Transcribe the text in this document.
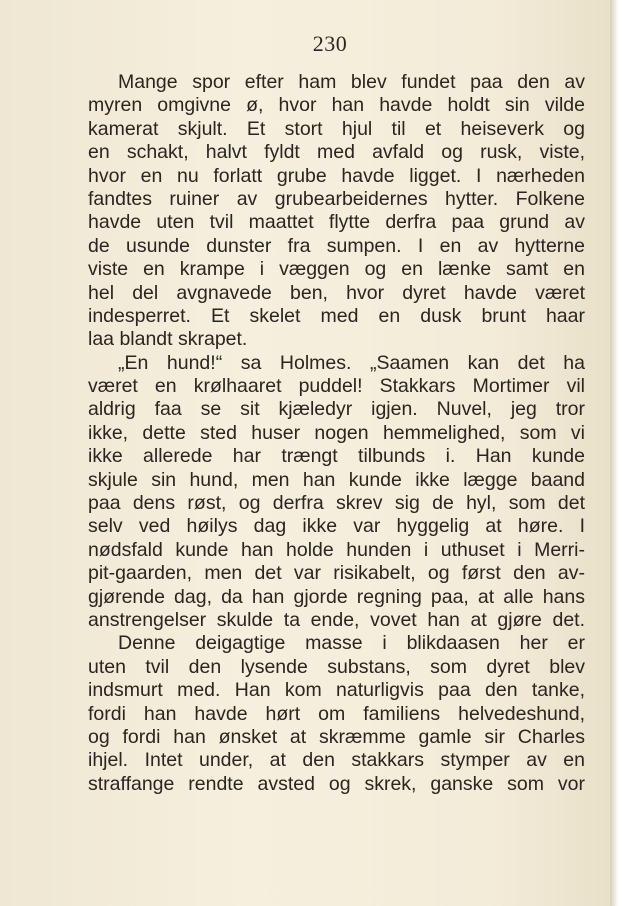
230
Mange spor efter ham blev fundet paa den av
myren omgivne ø, hvor han havde holdt sin vilde
kamerat skjult. Et stort hjul til et heiseverk og
en schakt, halvt fyldt med avfald og rusk, viste,
hvor en nu forlatt grube havde ligget. I nærheden
fandtes ruiner av grubearbeidernes hytter. Folkene
havde uten tvil maattet flytte derfra paa grund av
de usunde dunster fra sumpen. I en av hytterne
viste en krampe i væggen og en lænke samt en
hel del avgnavede ben, hvor dyret havde været
indesperret. Et skelet med en dusk brunt haar
laa blandt skrapet.
„En hund!“ sa Holmes. „Saamen kan det ha
været en krølhaaret puddel! Stakkars Mortimer vil
aldrig faa se sit kjæledyr igjen. Nuvel, jeg tror
ikke, dette sted huser nogen hemmelighed, som vi
ikke allerede har trængt tilbunds i. Han kunde
skjule sin hund, men han kunde ikke lægge baand
paa dens røst, og derfra skrev sig de hyl, som det
selv ved høilys dag ikke var hyggelig at høre. I
nødsfald kunde han holde hunden i uthuset i Merri-
pit-gaarden, men det var risikabelt, og først den av-
gjørende dag, da han gjorde regning paa, at alle hans
anstrengelser skulde ta ende, vovet han at gjøre det.
Denne deigagtige masse i blikdaasen her er
uten tvil den lysende substans, som dyret blev
indsmurt med. Han kom naturligvis paa den tanke,
fordi han havde hørt om familiens helvedeshund,
og fordi han ønsket at skræmme gamle sir Charles
ihjel. Intet under, at den stakkars stymper av en
straffange rendte avsted og skrek, ganske som vor
